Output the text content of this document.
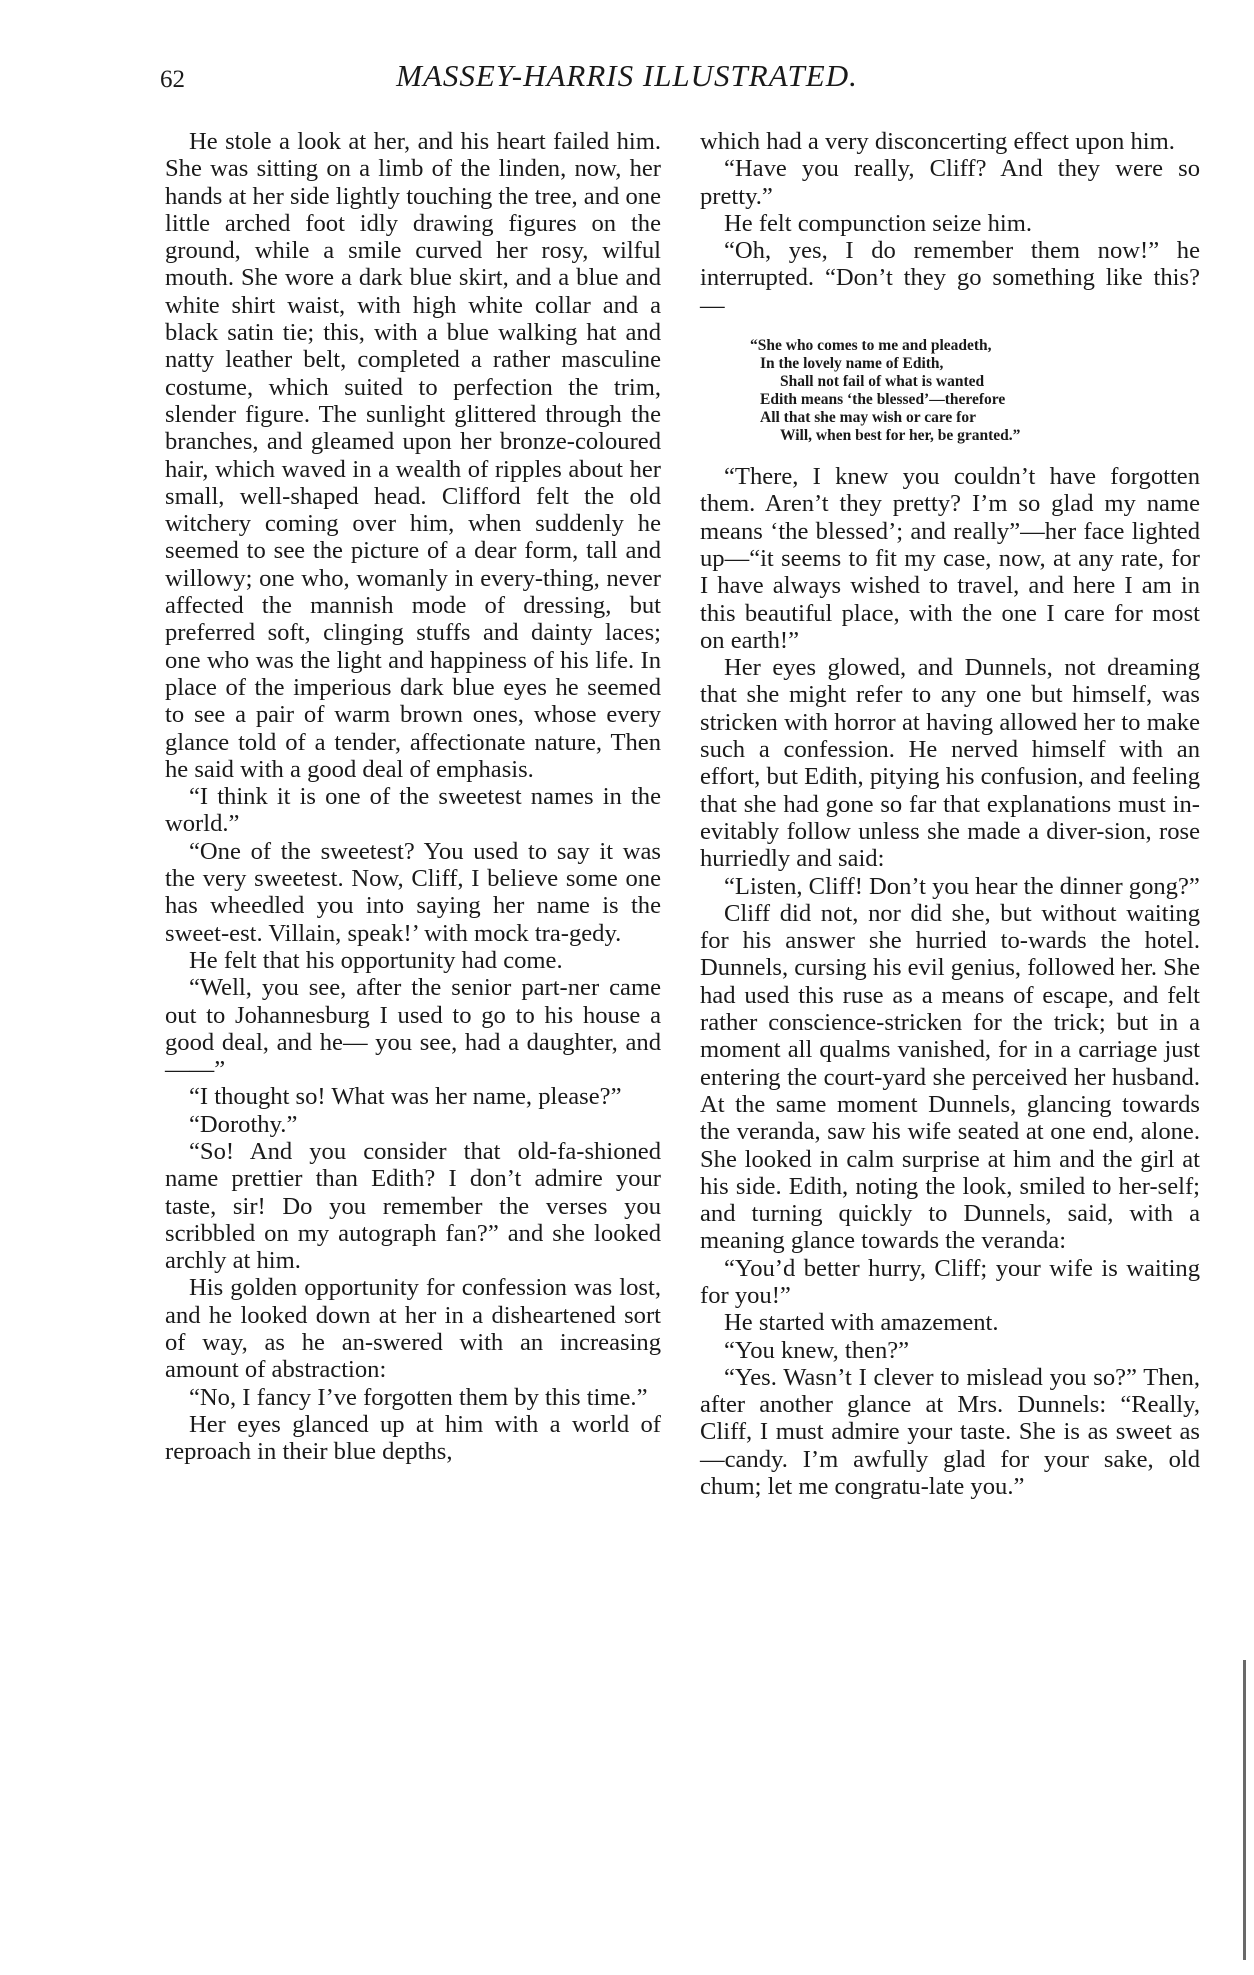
62	MASSEY-HARRIS ILLUSTRATED.

He stole a look at her, and his heart failed him. She was sitting on a limb of the linden, now, her hands at her side lightly touching the tree, and one little arched foot idly drawing figures on the ground, while a smile curved her rosy, wilful mouth. She wore a dark blue skirt, and a blue and white shirt waist, with high white collar and a black satin tie; this, with a blue walking hat and natty leather belt, completed a rather masculine costume, which suited to perfection the trim, slender figure. The sunlight glittered through the branches, and gleamed upon her bronze-coloured hair, which waved in a wealth of ripples about her small, well-shaped head. Clifford felt the old witchery coming over him, when suddenly he seemed to see the picture of a dear form, tall and willowy; one who, womanly in every-thing, never affected the mannish mode of dressing, but preferred soft, clinging stuffs and dainty laces; one who was the light and happiness of his life. In place of the imperious dark blue eyes he seemed to see a pair of warm brown ones, whose every glance told of a tender, affectionate nature, Then he said with a good deal of emphasis.

“I think it is one of the sweetest names in the world.”

“One of the sweetest? You used to say it was the very sweetest. Now, Cliff, I believe some one has wheedled you into saying her name is the sweet-est. Villain, speak!’ with mock tra-gedy.

He felt that his opportunity had come.

“Well, you see, after the senior part-ner came out to Johannesburg I used to go to his house a good deal, and he— you see, had a daughter, and——”

“I thought so! What was her name, please?”

“Dorothy.”

“So! And you consider that old-fa-shioned name prettier than Edith? I don’t admire your taste, sir! Do you remember the verses you scribbled on my autograph fan?” and she looked archly at him.

His golden opportunity for confession was lost, and he looked down at her in a disheartened sort of way, as he an-swered with an increasing amount of abstraction:

“No, I fancy I’ve forgotten them by this time.”

Her eyes glanced up at him with a world of reproach in their blue depths,

which had a very disconcerting effect upon him.

“Have you really, Cliff? And they were so pretty.”

He felt compunction seize him.

“Oh, yes, I do remember them now!” he interrupted. “Don’t they go something like this? —

“She who comes to me and pleadeth,
In the lovely name of Edith,
Shall not fail of what is wanted
Edith means ‘the blessed’—therefore
All that she may wish or care for
Will, when best for her, be granted.”

“There, I knew you couldn’t have forgotten them. Aren’t they pretty? I’m so glad my name means ‘the blessed’; and really”—her face lighted up—“it seems to fit my case, now, at any rate, for I have always wished to travel, and here I am in this beautiful place, with the one I care for most on earth!”

Her eyes glowed, and Dunnels, not dreaming that she might refer to any one but himself, was stricken with horror at having allowed her to make such a confession. He nerved himself with an effort, but Edith, pitying his confusion, and feeling that she had gone so far that explanations must in-evitably follow unless she made a diver-sion, rose hurriedly and said:

“Listen, Cliff! Don’t you hear the dinner gong?”

Cliff did not, nor did she, but without waiting for his answer she hurried to-wards the hotel. Dunnels, cursing his evil genius, followed her. She had used this ruse as a means of escape, and felt rather conscience-stricken for the trick; but in a moment all qualms vanished, for in a carriage just entering the court-yard she perceived her husband. At the same moment Dunnels, glancing towards the veranda, saw his wife seated at one end, alone. She looked in calm surprise at him and the girl at his side. Edith, noting the look, smiled to her-self; and turning quickly to Dunnels, said, with a meaning glance towards the veranda:

“You’d better hurry, Cliff; your wife is waiting for you!”

He started with amazement.

“You knew, then?”

“Yes. Wasn’t I clever to mislead you so?” Then, after another glance at Mrs. Dunnels: “Really, Cliff, I must admire your taste. She is as sweet as—candy. I’m awfully glad for your sake, old chum; let me congratu-late you.”
